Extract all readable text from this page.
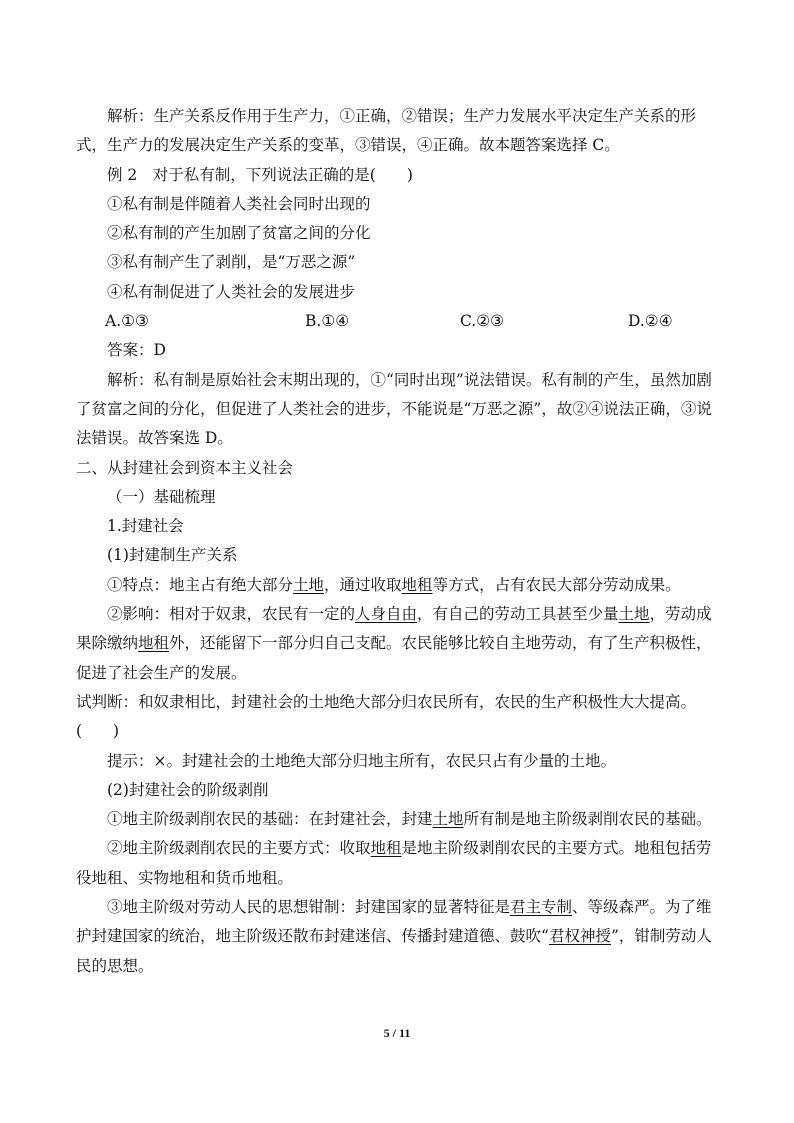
解析：生产关系反作用于生产力，①正确，②错误；生产力发展水平决定生产关系的形式，生产力的发展决定生产关系的变革，③错误，④正确。故本题答案选择 C。

例 2　对于私有制，下列说法正确的是(　　)

①私有制是伴随着人类社会同时出现的

②私有制的产生加剧了贫富之间的分化

③私有制产生了剥削，是“万恶之源”

④私有制促进了人类社会的发展进步

A.①③	B.①④	C.②③	D.②④

答案：D

解析：私有制是原始社会末期出现的，①“同时出现”说法错误。私有制的产生，虽然加剧了贫富之间的分化，但促进了人类社会的进步，不能说是“万恶之源”，故②④说法正确，③说法错误。故答案选 D。

二、从封建社会到资本主义社会

（一）基础梳理

1.封建社会

(1)封建制生产关系

①特点：地主占有绝大部分土地，通过收取地租等方式，占有农民大部分劳动成果。

②影响：相对于奴隶，农民有一定的人身自由，有自己的劳动工具甚至少量土地，劳动成果除缴纳地租外，还能留下一部分归自己支配。农民能够比较自主地劳动，有了生产积极性，促进了社会生产的发展。

试判断：和奴隶相比，封建社会的土地绝大部分归农民所有，农民的生产积极性大大提高。(　　)

提示：×。封建社会的土地绝大部分归地主所有，农民只占有少量的土地。

(2)封建社会的阶级剥削

①地主阶级剥削农民的基础：在封建社会，封建土地所有制是地主阶级剥削农民的基础。

②地主阶级剥削农民的主要方式：收取地租是地主阶级剥削农民的主要方式。地租包括劳役地租、实物地租和货币地租。

③地主阶级对劳动人民的思想钳制：封建国家的显著特征是君主专制、等级森严。为了维护封建国家的统治，地主阶级还散布封建迷信、传播封建道德、鼓吹“君权神授”，钳制劳动人民的思想。

5 / 11
